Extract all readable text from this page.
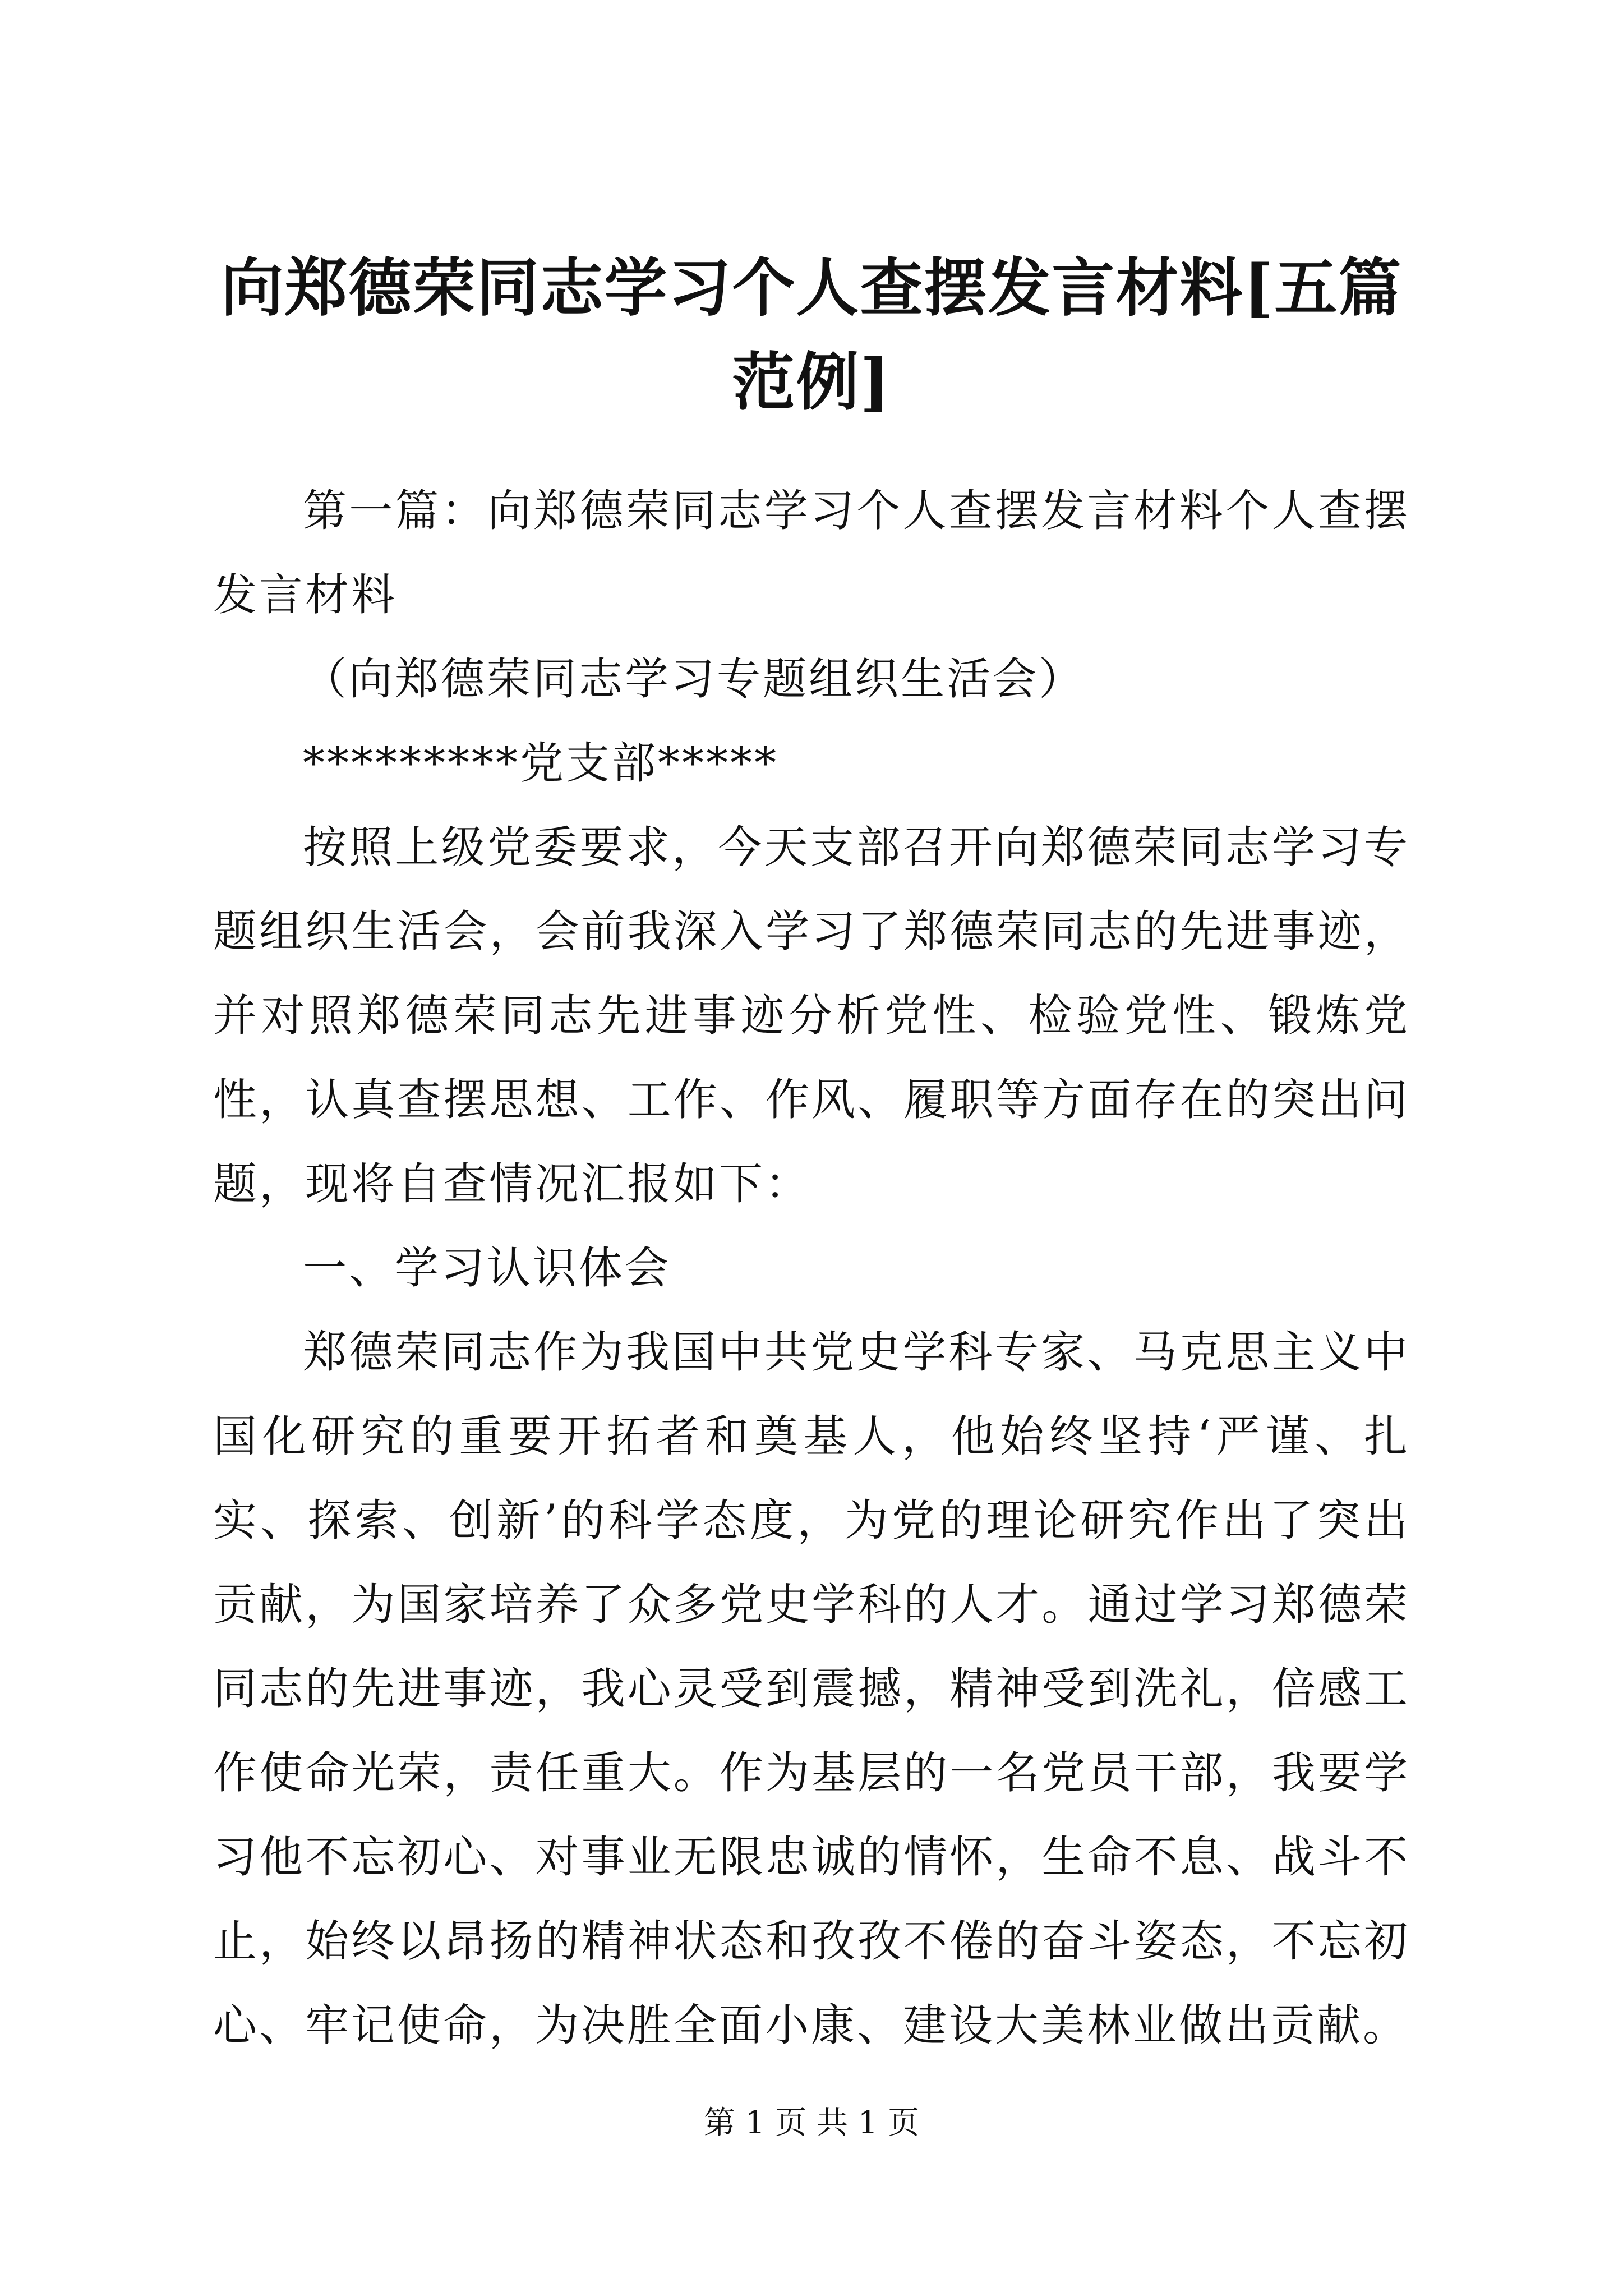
向郑德荣同志学习个人查摆发言材料[五篇范例]

第一篇：向郑德荣同志学习个人查摆发言材料个人查摆发言材料

（向郑德荣同志学习专题组织生活会）

*********党支部*****

按照上级党委要求，今天支部召开向郑德荣同志学习专题组织生活会，会前我深入学习了郑德荣同志的先进事迹，并对照郑德荣同志先进事迹分析党性、检验党性、锻炼党性，认真查摆思想、工作、作风、履职等方面存在的突出问题，现将自查情况汇报如下：

一、学习认识体会

郑德荣同志作为我国中共党史学科专家、马克思主义中国化研究的重要开拓者和奠基人，他始终坚持‘严谨、扎实、探索、创新’的科学态度，为党的理论研究作出了突出贡献，为国家培养了众多党史学科的人才。通过学习郑德荣同志的先进事迹，我心灵受到震撼，精神受到洗礼，倍感工作使命光荣，责任重大。作为基层的一名党员干部，我要学习他不忘初心、对事业无限忠诚的情怀，生命不息、战斗不止，始终以昂扬的精神状态和孜孜不倦的奋斗姿态，不忘初心、牢记使命，为决胜全面小康、建设大美林业做出贡献。

第 1 页 共 1 页
